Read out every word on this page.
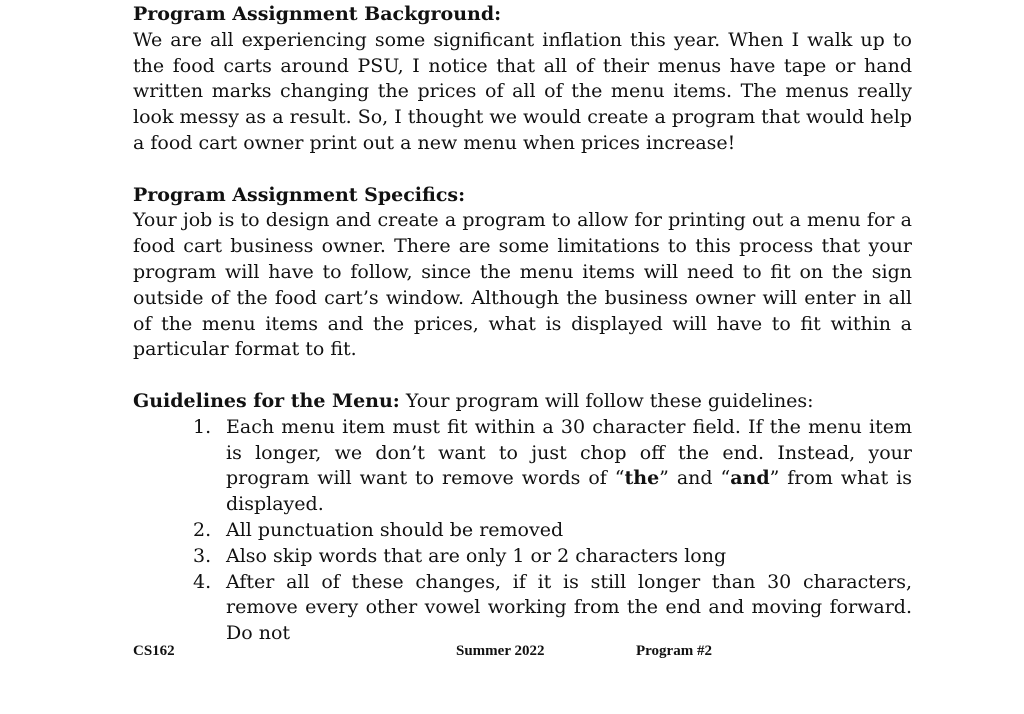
Program Assignment Background:

We are all experiencing some significant inflation this year. When I walk up to the food carts around PSU, I notice that all of their menus have tape or hand written marks changing the prices of all of the menu items. The menus really look messy as a result. So, I thought we would create a program that would help a food cart owner print out a new menu when prices increase!

Program Assignment Specifics:

Your job is to design and create a program to allow for printing out a menu for a food cart business owner. There are some limitations to this process that your program will have to follow, since the menu items will need to fit on the sign outside of the food cart’s window. Although the business owner will enter in all of the menu items and the prices, what is displayed will have to fit within a particular format to fit.

Guidelines for the Menu: Your program will follow these guidelines:

1. Each menu item must fit within a 30 character field. If the menu item is longer, we don’t want to just chop off the end. Instead, your program will want to remove words of “the” and “and” from what is displayed.
2. All punctuation should be removed
3. Also skip words that are only 1 or 2 characters long
4. After all of these changes, if it is still longer than 30 characters, remove every other vowel working from the end and moving forward. Do not
CS162	Summer 2022	Program #2
